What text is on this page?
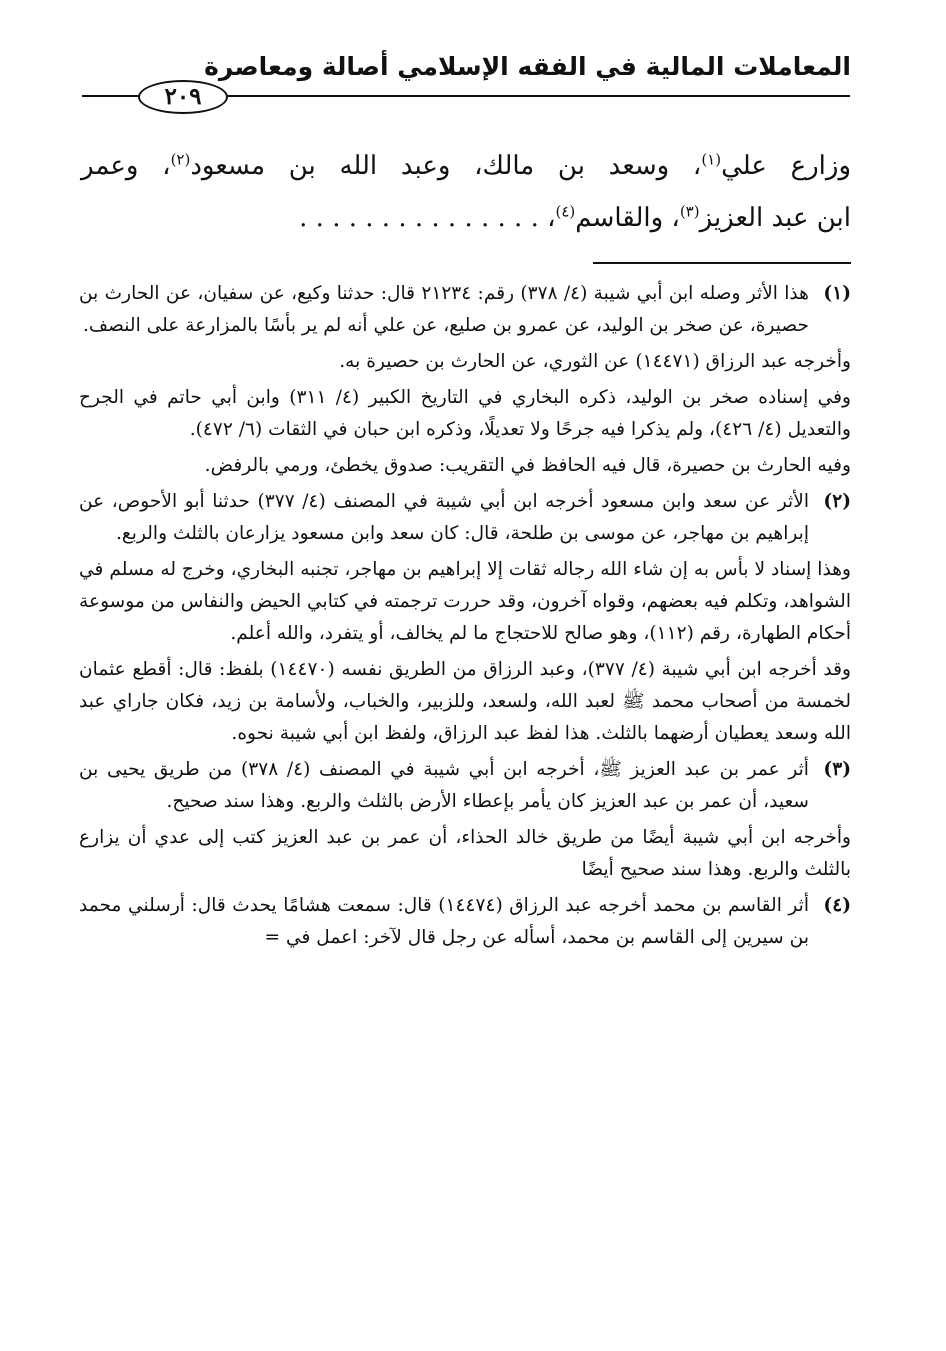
المعاملات المالية في الفقه الإسلامي أصالة ومعاصرة
٢٠٩
وزارع علي$^{(١)}$، وسعد بن مالك، وعبد الله بن مسعود$^{(٢)}$، وعمر
ابن عبد العزيز$^{(٣)}$، والقاسم$^{(٤)}$، . . . . . . . . . . . . . . .
(١)

هذا الأثر وصله ابن أبي شيبة (٤/ ٣٧٨) رقم: ٢١٢٣٤ قال: حدثنا وكيع، عن سفيان، عن الحارث بن حصيرة، عن صخر بن الوليد، عن عمرو بن صليع، عن علي أنه لم ير بأسًا بالمزارعة على النصف.

وأخرجه عبد الرزاق (١٤٤٧١) عن الثوري، عن الحارث بن حصيرة به.

وفي إسناده صخر بن الوليد، ذكره البخاري في التاريخ الكبير (٤/ ٣١١) وابن أبي حاتم في الجرح والتعديل (٤/ ٤٢٦)، ولم يذكرا فيه جرحًا ولا تعديلًا، وذكره ابن حبان في الثقات (٦/ ٤٧٢).

وفيه الحارث بن حصيرة، قال فيه الحافظ في التقريب: صدوق يخطئ، ورمي بالرفض.

(٢)

الأثر عن سعد وابن مسعود أخرجه ابن أبي شيبة في المصنف (٤/ ٣٧٧) حدثنا أبو الأحوص، عن إبراهيم بن مهاجر، عن موسى بن طلحة، قال: كان سعد وابن مسعود يزارعان بالثلث والربع.

وهذا إسناد لا بأس به إن شاء الله رجاله ثقات إلا إبراهيم بن مهاجر، تجنبه البخاري، وخرج له مسلم في الشواهد، وتكلم فيه بعضهم، وقواه آخرون، وقد حررت ترجمته في كتابي الحيض والنفاس من موسوعة أحكام الطهارة، رقم (١١٢)، وهو صالح للاحتجاج ما لم يخالف، أو يتفرد، والله أعلم.

وقد أخرجه ابن أبي شيبة (٤/ ٣٧٧)، وعبد الرزاق من الطريق نفسه (١٤٤٧٠) بلفظ: قال: أقطع عثمان لخمسة من أصحاب محمد ﷺ لعبد الله، ولسعد، وللزبير، والخباب، ولأسامة بن زيد، فكان جاراي عبد الله وسعد يعطيان أرضهما بالثلث. هذا لفظ عبد الرزاق، ولفظ ابن أبي شيبة نحوه.

(٣)

أثر عمر بن عبد العزيز ﷺ، أخرجه ابن أبي شيبة في المصنف (٤/ ٣٧٨) من طريق يحيى بن سعيد، أن عمر بن عبد العزيز كان يأمر بإعطاء الأرض بالثلث والربع. وهذا سند صحيح.

وأخرجه ابن أبي شيبة أيضًا من طريق خالد الحذاء، أن عمر بن عبد العزيز كتب إلى عدي أن يزارع بالثلث والربع. وهذا سند صحيح أيضًا

(٤)

أثر القاسم بن محمد أخرجه عبد الرزاق (١٤٤٧٤) قال: سمعت هشامًا يحدث قال: أرسلني محمد بن سيرين إلى القاسم بن محمد، أسأله عن رجل قال لآخر: اعمل في =
